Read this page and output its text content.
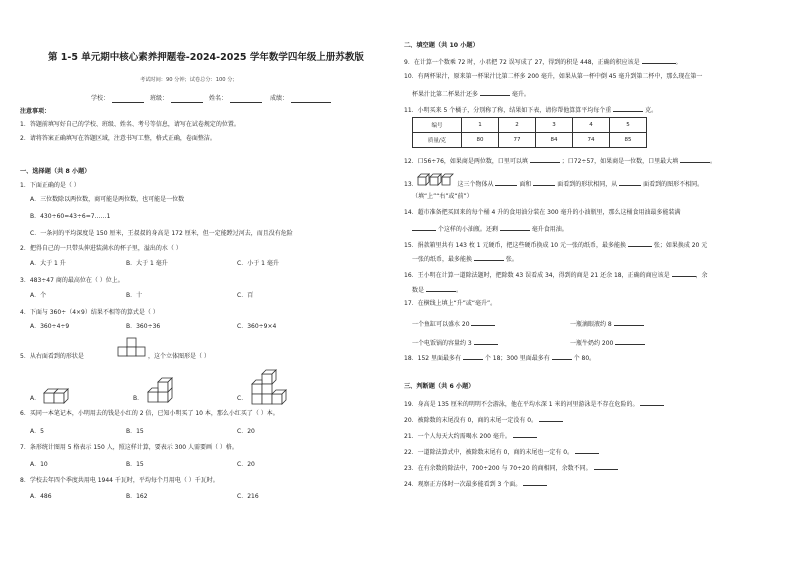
第 1-5 单元期中核心素养押题卷-2024-2025 学年数学四年级上册苏教版
考试时间：90 分钟；试卷总分：100 分；
学校：	班级：	姓名：	成绩：
注意事项：
1．答题前填写好自己的学校、班级、姓名、考号等信息，请写在试卷规定的位置。
2．请将答案正确填写在答题区域，注意书写工整，格式正确，卷面整洁。
一、选择题（共 8 小题）
1．下面正确的是（ ）
A．三位数除以两位数，商可能是两位数，也可能是一位数
B．430÷60=43÷6=7……1
C．一条河的平均深度是 150 厘米，王叔叔的身高是 172 厘米，但一定能蹚过河去，而且没有危险
2．把得自己的一只带头伸进装满水的杯子里，溢出的水（ ）
A．大于 1 升	B．大于 1 毫升	C．小于 1 毫升
3．483÷47 商的最高位在（ ）位上。
A．个	B．十	C．百
4．下面与 360÷（4×9）结果不相等的算式是（ ）
A．360÷4÷9	B．360÷36	C．360÷9×4
5．从右面看到的形状是	，这个立体图形是（ ）
A．	B．	C．
6．买同一本笔记本，小明用去的钱是小红的 2 倍，已知小明买了 10 本，那么小红买了（ ）本。
A．5	B．15	C．20
7．条形统计图用 5 格表示 150 人，照这样计算，要表示 300 人需要画（ ）格。
A．10	B．15	C．20
8．学校去年四个季度共用电 1944 千瓦时，平均每个月用电（ ）千瓦时。
A．486	B．162	C．216
二、填空题（共 10 小题）
9．在计算一个数乘 72 时，小君把 72 误写成了 27，得到的积是 448，正确的积应该是	。
10．有两杯果汁，原来第一杯果汁比第二杯多 200 毫升，如果从第一杯中倒 45 毫升到第二杯中，那么现在第一
杯果汁比第二杯果汁还多	毫升。
11．小明买来 5 个橘子，分别称了称，结果如下表，请你帮他算算平均每个重	克。
编号	1	2	3	4	5
质量/克	80	77	84	74	85
12．口56÷76，如果商是两位数，口里可以填	；口72÷57，如果商是一位数，口里最大填	。
13．	这三个物体从	面和	面看到的形状相同，从	面看到的图形不相同。
（填“上”“右”或“前”）
14．超市准备把买回来的每个桶 4 升的食用油分装在 300 毫升的小油瓶里，那么这桶食用油最多能装满
个这样的小油瓶。还剩	毫升食用油。
15．捐款箱里共有 143 枚 1 元硬币，把这些硬币换成 10 元一张的纸币，最多能换	张；如果换成 20 元
一张的纸币，最多能换	张。
16．王小明在计算一道除法题时，把除数 43 误看成 34，得到的商是 21 还余 18，正确的商应该是	，余
数是	。
17．在横线上填上“升”或“毫升”。
一个鱼缸可以盛水 20	一瓶滴眼液约 8
一个电饭锅的容量约 3	一瓶牛奶约 200
18．152 里面最多有	个 18；300 里面最多有	个 80。
三、判断题（共 6 小题）
19．身高是 135 厘米的明明不会游泳，他在平均水深 1 米的河里游泳是不存在危险的。
20．被除数的末尾没有 0，商的末尾一定没有 0。
21．一个人每天大约需喝水 200 毫升。
22．一道除法算式中，被除数末尾有 0，商的末尾也一定有 0。
23．在有余数的除法中，700÷200 与 70÷20 的商相同，余数不同。
24．观察正方体时一次最多能看到 3 个面。
